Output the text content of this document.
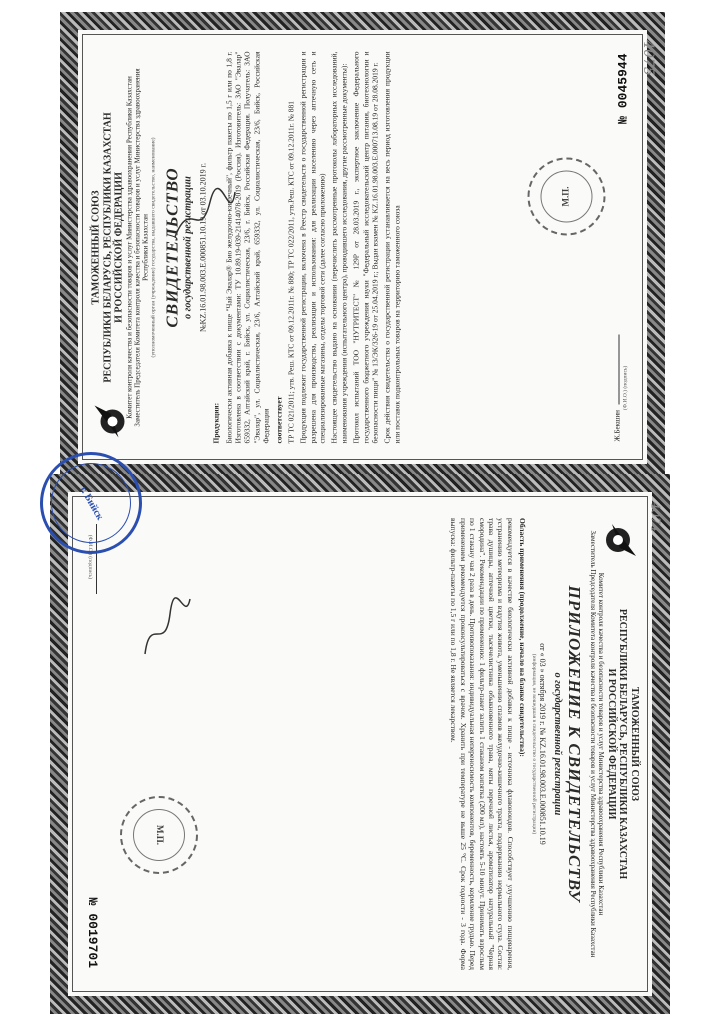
ТАМОЖЕННЫЙ СОЮЗ РЕСПУБЛИКИ БЕЛАРУСЬ, РЕСПУБЛИКИ КАЗАХСТАН И РОССИЙСКОЙ ФЕДЕРАЦИИ Комитет контроля качества и безопасности товаров и услуг Министерства здравоохранения Республики Казахстан Заместитель Председателя Комитета контроля качества и безопасности товаров и услуг Министерства здравоохранения Республики Казахстан (уполномоченный орган (учреждение) государства, выдавшего свидетельство, наименование) СВИДЕТЕЛЬСТВО о государственной регистрации №KZ.16.01.98.003.Е.000851.10.19 от 03.10.2019 г.
Продукция: Биологически активная добавка к пище "Чай Эвалар® Био желудочно-кишечный", фильтр пакеты по 1,5 г или по 1,8 г. Изготовлена в соответствии с документами: ТУ 10.89.19-039-21414078-2019 (Россия). Изготовитель: ЗАО "Эвалар" 659332, Алтайский край, г. Бийск, ул. Социалистическая, 23/6, г. Бийск, Российская Федерация. Получатель: ЗАО "Эвалар", ул. Социалистическая, 23/6, Алтайский край, 659332, ул. Социалистическая, 23/6, Бийск, Российская Федерация соответствует ТР ТС 021/2011; утв. Реш. КТС от 09.12.2011г. № 880; ТР ТС 022/2011, утв.Реш. КТС от 09.12.2011г. № 881 Продукция подлежит государственной регистрации, включена в Реестр свидетельств о государственной регистрации и разрешена для производства, реализации и использования: для реализации населению через аптечную сеть и специализированные магазины, отделы торговой сети (далее согласно приложению) Настоящее свидетельство выдано на основании (перечислить рассмотренные протоколы лабораторных исследований, наименования учреждения (испытательного центра), проводившего исследования, другие рассмотренные документы): Протокол испытаний ТОО "НУТРИТЕСТ" № 129Р от 28.03.2019 г., экспертное заключение Федерального государственного бюджетного учреждения науки "Федеральный исследовательский центр питания, биотехнологии и безопасности пищи" № 13/ЭК/326-19 от 25.04.2019 г.; Выдан взамен № KZ.16.01.98.003.Е.000713.08.19 от 28.08.2019 г. Срок действия свидетельства о государственной регистрации устанавливается на весь период изготовления продукции или поставок подконтрольных товаров на территорию таможенного союза	Ж.Бекшин
(Ф.И.О.) (подпись)
М.П.
№ 0045944
ТАМОЖЕННЫЙ СОЮЗ
РЕСПУБЛИКИ БЕЛАРУСЬ, РЕСПУБЛИКИ КАЗАХСТАН
И РОССИЙСКОЙ ФЕДЕРАЦИИ
Комитет контроля качества и безопасности товаров и услуг Министерства здравоохранения Республики Казахстан
Заместитель Председателя Комитета контроля качества и безопасности товаров и услуг Министерства здравоохранения Республики Казахстан
ПРИЛОЖЕНИЕ К СВИДЕТЕЛЬСТВУ
о государственной регистрации
от « 03 » октября 2019 г. № KZ.16.01.98.003.Е.000851.10.19
(информация, не вошедшая в свидетельство о государственной регистрации)
Область применения (продолжение, начало на бланке свидетельства):
рекомендуется в качестве биологически активной добавки к пище - источника флавоноидов. Способствует улучшению пищеварения, устранению метеоризма и вздутия живота, уменьшению спазмов желудочно-кишечного тракта, поддержанию нормального стула. Состав: трава душицы, аптечной цветки, тысячелистника обыкновенного трава, мяты перечной листья, ароматизатор натуральный "Черная смородина". Рекомендации по применению: 1 фильтр-пакет залить 1 стаканом кипятка (200 мл), настоять 5-10 минут. Принимать взрослым по 1 стакану чая 2 раза в день. Противопоказания: индивидуальная непереносимость компонентов, беременность, кормление грудью. Перед применением рекомендуется проконсультироваться с врачом. Хранить при температуре не выше 25 °С. Срок годности - 3 года. Форма выпуска: фильтр-пакеты по 1,5 г или по 1,8 г. Не является лекарством.
(Ф.И.О.) (подпись)
М.П.
№ 0019701
г. Бийск
4075
4074
